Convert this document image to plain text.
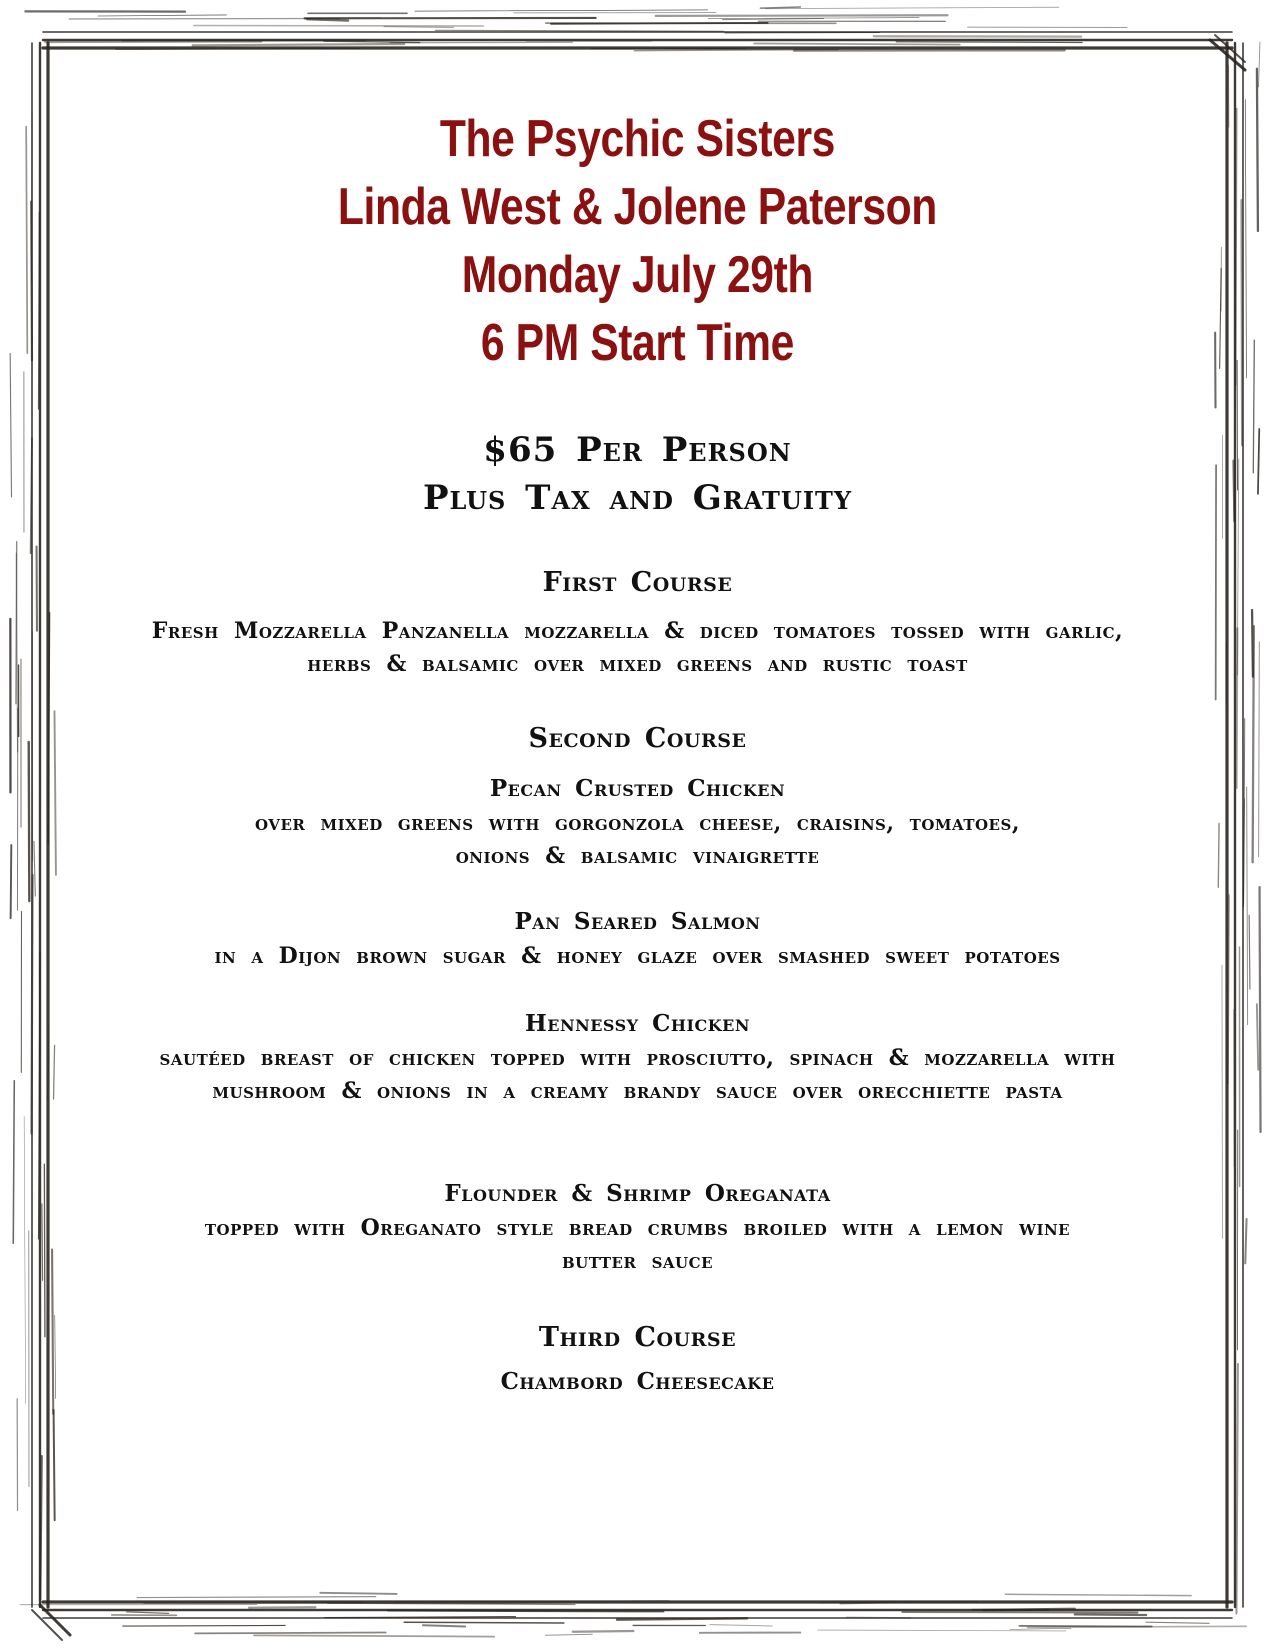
The Psychic Sisters
Linda West & Jolene Paterson
Monday July 29th
6 PM Start Time
$65 Per Person
Plus Tax and Gratuity
First Course
Fresh Mozzarella Panzanella mozzarella & diced tomatoes tossed with garlic,
herbs & balsamic over mixed greens and rustic toast
Second Course
Pecan Crusted Chicken
over mixed greens with gorgonzola cheese, craisins, tomatoes,
onions & balsamic vinaigrette
Pan Seared Salmon
in a Dijon brown sugar & honey glaze over smashed sweet potatoes
Hennessy Chicken
sautéed breast of chicken topped with prosciutto, spinach & mozzarella with
mushroom & onions in a creamy brandy sauce over orecchiette pasta
Flounder & Shrimp Oreganata
topped with Oreganato style bread crumbs broiled with a lemon wine
butter sauce
Third Course
Chambord Cheesecake
